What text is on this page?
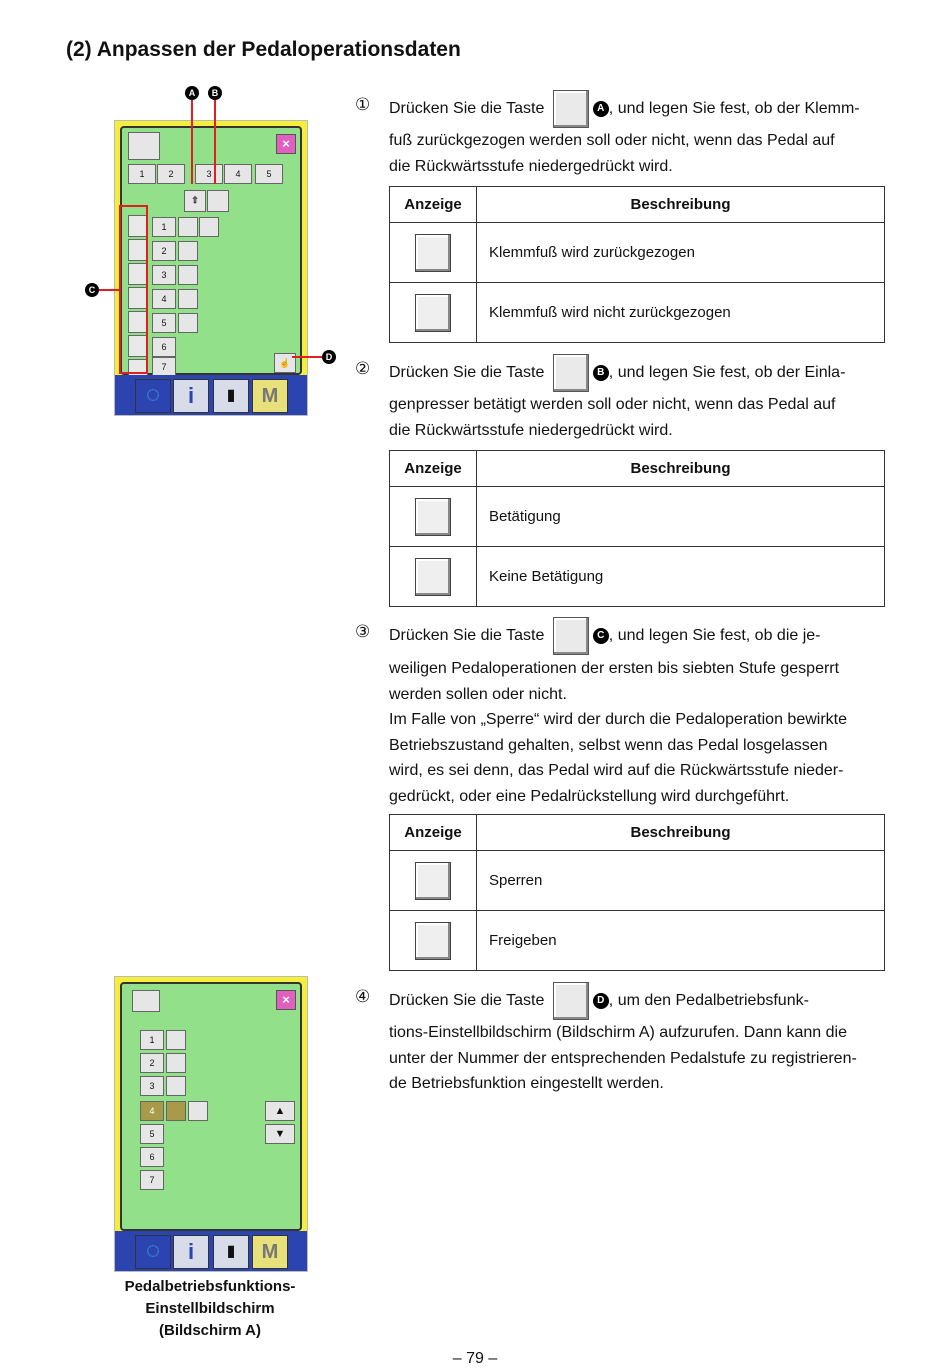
(2) Anpassen der Pedaloperationsdaten
×
1	2	3	4	5
⇧
1
2
3
4
5
6
7	☝
◌	i	▮	M
A	B
C
D
① Drücken Sie die Taste	A , und legen Sie fest, ob der Klemm-
fuß zurückgezogen werden soll oder nicht, wenn das Pedal auf
die Rückwärtsstufe niedergedrückt wird.
Anzeige	Beschreibung
	Klemmfuß wird zurückgezogen
	Klemmfuß wird nicht zurückgezogen
② Drücken Sie die Taste	B , und legen Sie fest, ob der Einla-
genpresser betätigt werden soll oder nicht, wenn das Pedal auf
die Rückwärtsstufe niedergedrückt wird.
Anzeige	Beschreibung
	Betätigung
	Keine Betätigung
③ Drücken Sie die Taste	C , und legen Sie fest, ob die je-
weiligen Pedaloperationen der ersten bis siebten Stufe gesperrt
werden sollen oder nicht.
Im Falle von „Sperre“ wird der durch die Pedaloperation bewirkte
Betriebszustand gehalten, selbst wenn das Pedal losgelassen
wird, es sei denn, das Pedal wird auf die Rückwärtsstufe nieder-
gedrückt, oder eine Pedalrückstellung wird durchgeführt.
Anzeige	Beschreibung
	Sperren
	Freigeben
④ Drücken Sie die Taste	D , um den Pedalbetriebsfunk-
tions-Einstellbildschirm (Bildschirm A) aufzurufen. Dann kann die
unter der Nummer der entsprechenden Pedalstufe zu registrieren-
de Betriebsfunktion eingestellt werden.
×
1
2
3
4
5
6
7
▲
▼
◌	i	▮	M
Pedalbetriebsfunktions-
Einstellbildschirm
(Bildschirm A)
– 79 –
